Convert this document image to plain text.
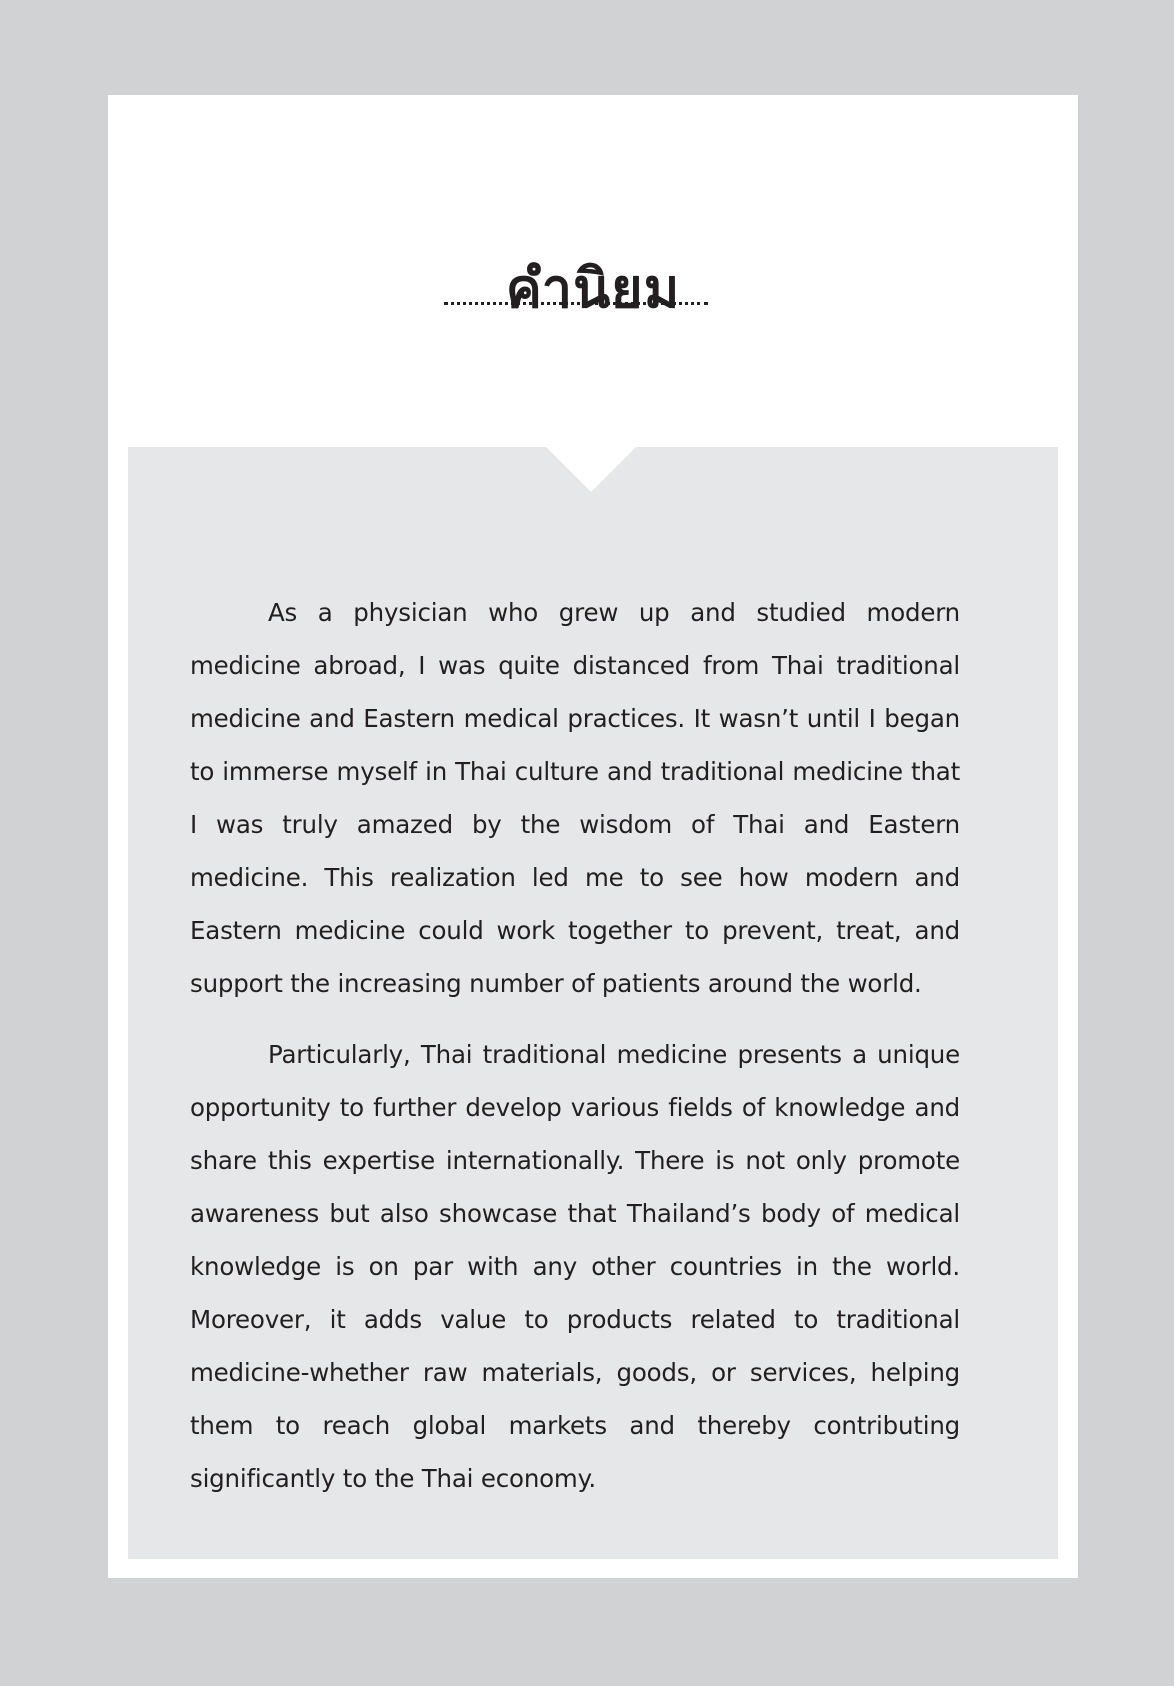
คำนิยม

As a physician who grew up and studied modern medicine abroad, I was quite distanced from Thai traditional medicine and Eastern medical practices. It wasn’t until I began to immerse myself in Thai culture and traditional medicine that I was truly amazed by the wisdom of Thai and Eastern medicine. This realization led me to see how modern and Eastern medicine could work together to prevent, treat, and support the increasing number of patients around the world.

Particularly, Thai traditional medicine presents a unique opportunity to further develop various fields of knowledge and share this expertise internationally. There is not only promote awareness but also showcase that Thailand’s body of medical knowledge is on par with any other countries in the world. Moreover, it adds value to products related to traditional medicine-whether raw materials, goods, or services, helping them to reach global markets and thereby contributing significantly to the Thai economy.
